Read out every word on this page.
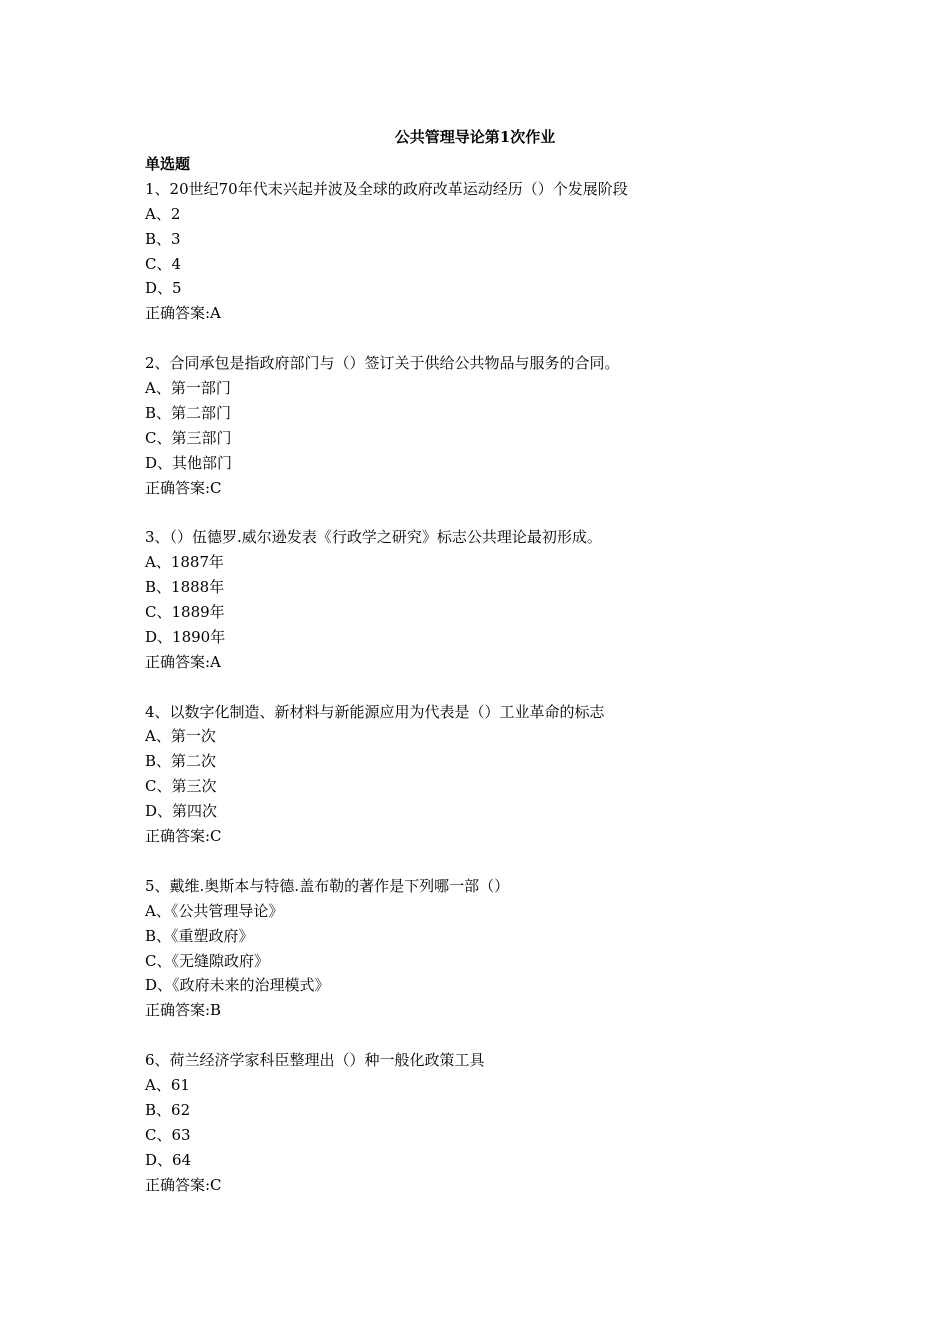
公共管理导论第1次作业
单选题
1、20世纪70年代末兴起并波及全球的政府改革运动经历（）个发展阶段
A、2
B、3
C、4
D、5
正确答案:A
2、合同承包是指政府部门与（）签订关于供给公共物品与服务的合同。
A、第一部门
B、第二部门
C、第三部门
D、其他部门
正确答案:C
3、（）伍德罗.威尔逊发表《行政学之研究》标志公共理论最初形成。
A、1887年
B、1888年
C、1889年
D、1890年
正确答案:A
4、以数字化制造、新材料与新能源应用为代表是（）工业革命的标志
A、第一次
B、第二次
C、第三次
D、第四次
正确答案:C
5、戴维.奥斯本与特德.盖布勒的著作是下列哪一部（）
A、《公共管理导论》
B、《重塑政府》
C、《无缝隙政府》
D、《政府未来的治理模式》
正确答案:B
6、荷兰经济学家科臣整理出（）种一般化政策工具
A、61
B、62
C、63
D、64
正确答案:C
